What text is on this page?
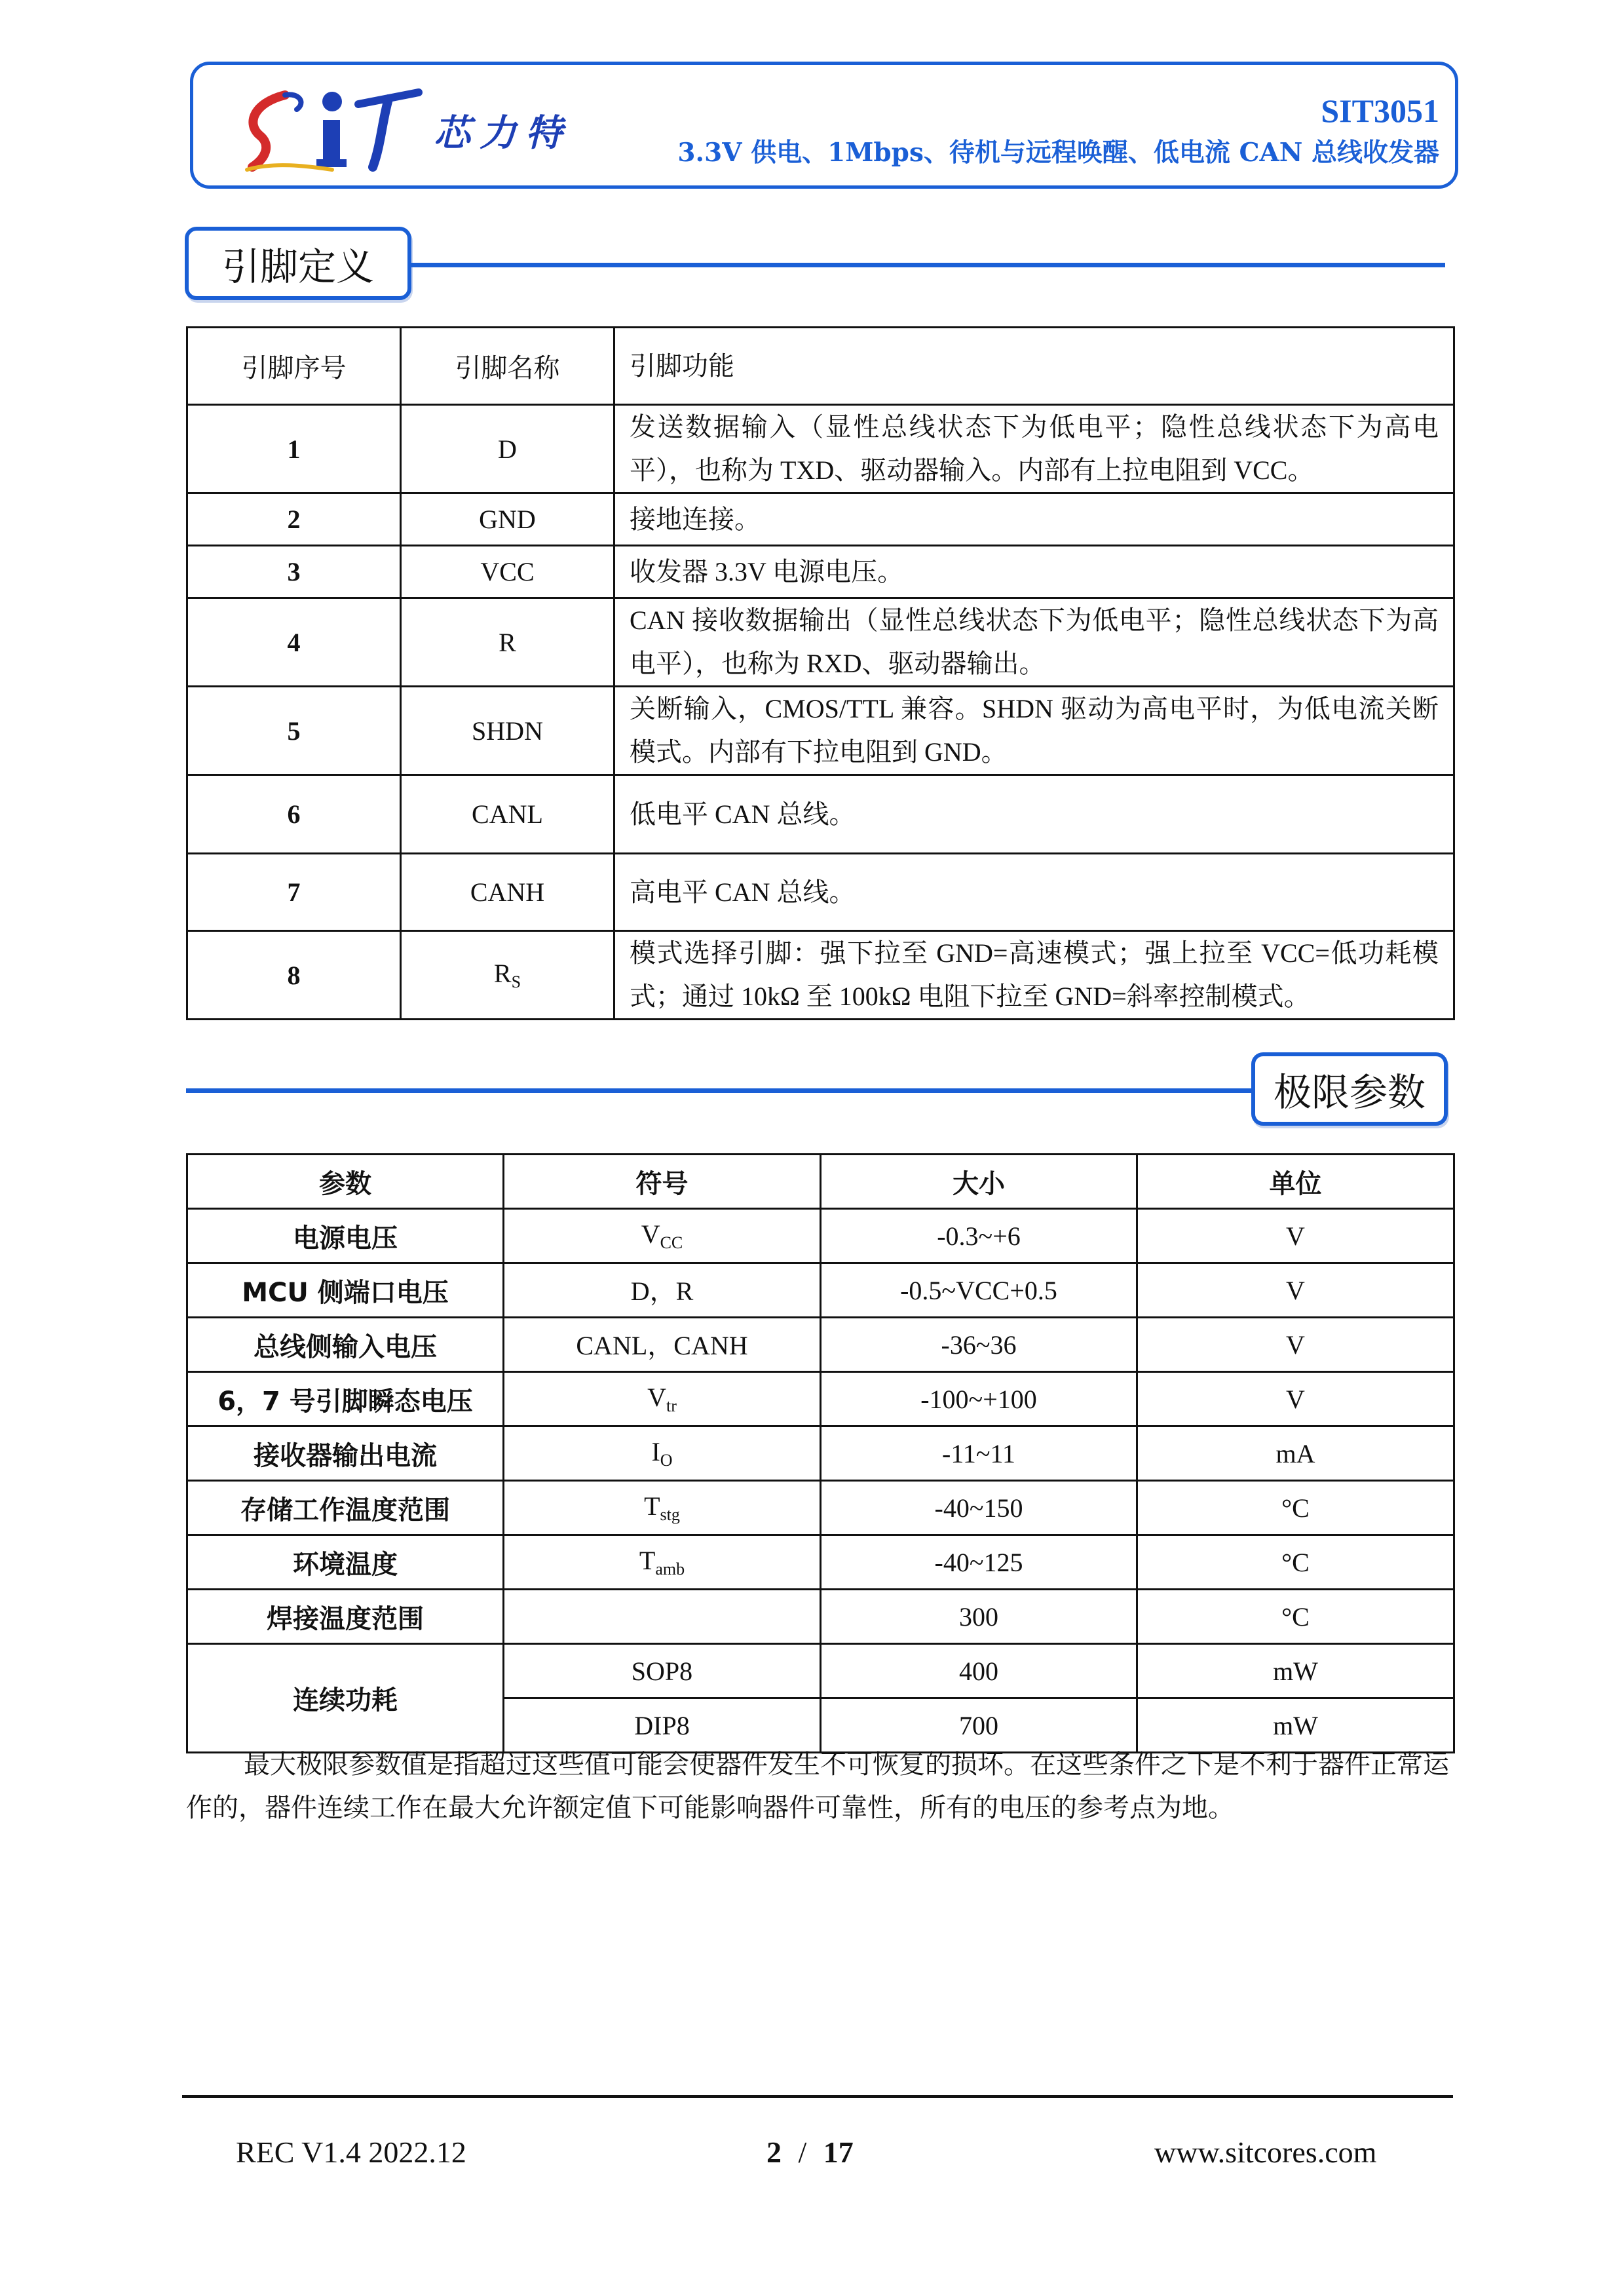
芯力特
SIT3051
3.3V 供电、1Mbps、待机与远程唤醒、低电流 CAN 总线收发器
引脚定义
引脚序号	引脚名称	引脚功能
1	D	发送数据输入（显性总线状态下为低电平；隐性总线状态下为高电平），也称为 TXD、驱动器输入。内部有上拉电阻到 VCC。
2	GND	接地连接。
3	VCC	收发器 3.3V 电源电压。
4	R	CAN 接收数据输出（显性总线状态下为低电平；隐性总线状态下为高电平），也称为 RXD、驱动器输出。
5	SHDN	关断输入，CMOS/TTL 兼容。SHDN 驱动为高电平时，为低电流关断模式。内部有下拉电阻到 GND。
6	CANL	低电平 CAN 总线。
7	CANH	高电平 CAN 总线。
8	$R_S$	模式选择引脚：强下拉至 GND=高速模式；强上拉至 VCC=低功耗模式；通过 10kΩ 至 100kΩ 电阻下拉至 GND=斜率控制模式。
极限参数
参数	符号	大小	单位
电源电压	$V_{CC}$	-0.3~+6	V
MCU 侧端口电压	D，R	-0.5~VCC+0.5	V
总线侧输入电压	CANL，CANH	-36~36	V
6，7 号引脚瞬态电压	$V_{tr}$	-100~+100	V
接收器输出电流	$I_O$	-11~11	mA
存储工作温度范围	$T_{stg}$	-40~150	°C
环境温度	$T_{amb}$	-40~125	°C
焊接温度范围		300	°C
连续功耗	SOP8	400	mW
	DIP8	700	mW
最大极限参数值是指超过这些值可能会使器件发生不可恢复的损坏。在这些条件之下是不利于器件正常运作的，器件连续工作在最大允许额定值下可能影响器件可靠性，所有的电压的参考点为地。
REC V1.4 2022.12	2 / 17	www.sitcores.com
